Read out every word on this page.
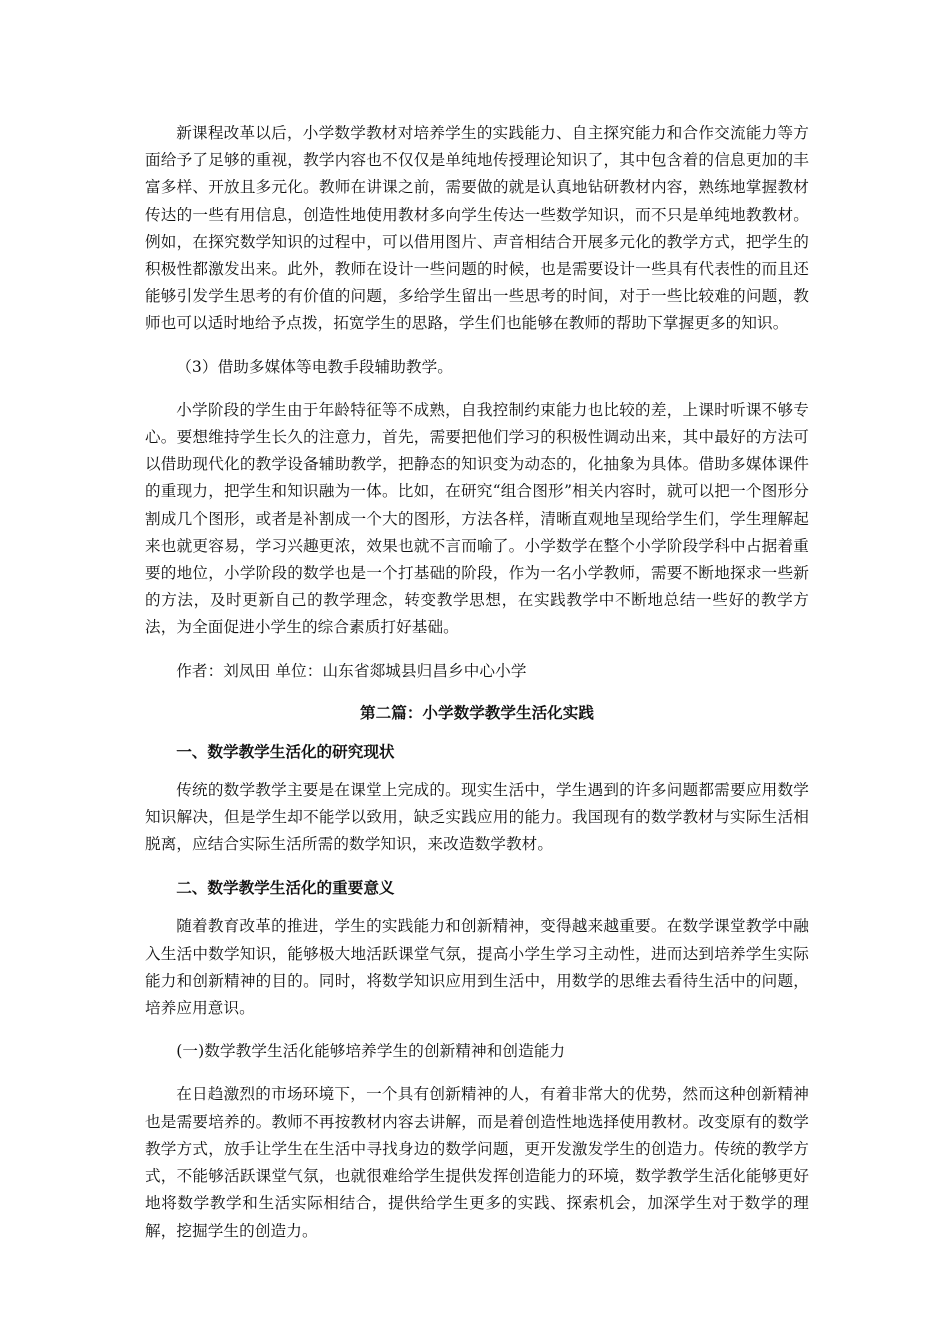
新课程改革以后，小学数学教材对培养学生的实践能力、自主探究能力和合作交流能力等方面给予了足够的重视，教学内容也不仅仅是单纯地传授理论知识了，其中包含着的信息更加的丰富多样、开放且多元化。教师在讲课之前，需要做的就是认真地钻研教材内容，熟练地掌握教材传达的一些有用信息，创造性地使用教材多向学生传达一些数学知识，而不只是单纯地教教材。例如，在探究数学知识的过程中，可以借用图片、声音相结合开展多元化的教学方式，把学生的积极性都激发出来。此外，教师在设计一些问题的时候，也是需要设计一些具有代表性的而且还能够引发学生思考的有价值的问题，多给学生留出一些思考的时间，对于一些比较难的问题，教师也可以适时地给予点拨，拓宽学生的思路，学生们也能够在教师的帮助下掌握更多的知识。

（3）借助多媒体等电教手段辅助教学。

小学阶段的学生由于年龄特征等不成熟，自我控制约束能力也比较的差，上课时听课不够专心。要想维持学生长久的注意力，首先，需要把他们学习的积极性调动出来，其中最好的方法可以借助现代化的教学设备辅助教学，把静态的知识变为动态的，化抽象为具体。借助多媒体课件的重现力，把学生和知识融为一体。比如，在研究“组合图形”相关内容时，就可以把一个图形分割成几个图形，或者是补割成一个大的图形，方法各样，清晰直观地呈现给学生们，学生理解起来也就更容易，学习兴趣更浓，效果也就不言而喻了。小学数学在整个小学阶段学科中占据着重要的地位，小学阶段的数学也是一个打基础的阶段，作为一名小学教师，需要不断地探求一些新的方法，及时更新自己的教学理念，转变教学思想，在实践教学中不断地总结一些好的教学方法，为全面促进小学生的综合素质打好基础。

作者：刘凤田 单位：山东省郯城县归昌乡中心小学

第二篇：小学数学教学生活化实践
一、数学教学生活化的研究现状

传统的数学教学主要是在课堂上完成的。现实生活中，学生遇到的许多问题都需要应用数学知识解决，但是学生却不能学以致用，缺乏实践应用的能力。我国现有的数学教材与实际生活相脱离，应结合实际生活所需的数学知识，来改造数学教材。

二、数学教学生活化的重要意义

随着教育改革的推进，学生的实践能力和创新精神，变得越来越重要。在数学课堂教学中融入生活中数学知识，能够极大地活跃课堂气氛，提高小学生学习主动性，进而达到培养学生实际能力和创新精神的目的。同时，将数学知识应用到生活中，用数学的思维去看待生活中的问题，培养应用意识。

(一)数学教学生活化能够培养学生的创新精神和创造能力

在日趋激烈的市场环境下，一个具有创新精神的人，有着非常大的优势，然而这种创新精神也是需要培养的。教师不再按教材内容去讲解，而是着创造性地选择使用教材。改变原有的数学教学方式，放手让学生在生活中寻找身边的数学问题，更开发激发学生的创造力。传统的教学方式，不能够活跃课堂气氛，也就很难给学生提供发挥创造能力的环境，数学教学生活化能够更好地将数学教学和生活实际相结合，提供给学生更多的实践、探索机会，加深学生对于数学的理解，挖掘学生的创造力。
